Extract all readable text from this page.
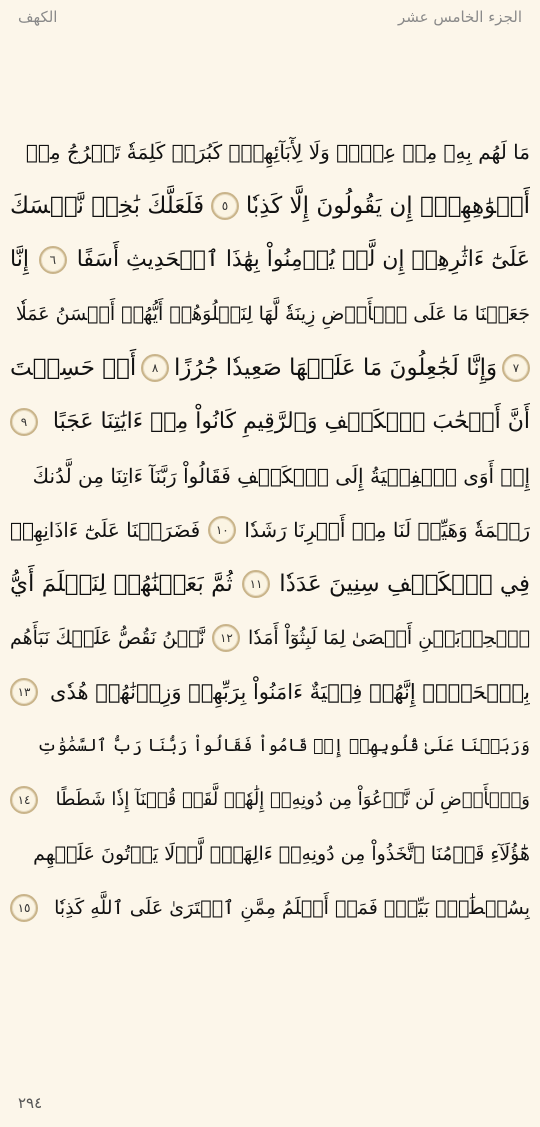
الكهف	الجزء الخامس عشر
مَا لَهُم بِهِۦ مِنۡ عِلۡمٖ وَلَا لِأٓبَآئِهِمۡۚ كَبُرَتۡ كَلِمَةٗ تَخۡرُجُ مِنۡ
أَفۡوَٰهِهِمۡۚ إِن يَقُولُونَ إِلَّا كَذِبٗا
٥
فَلَعَلَّكَ بَٰخِعٞ نَّفۡسَكَ
عَلَىٰٓ ءَاثَٰرِهِمۡ إِن لَّمۡ يُؤۡمِنُواْ بِهَٰذَا ٱلۡحَدِيثِ أَسَفًا
٦
إِنَّا
جَعَلۡنَا مَا عَلَى ٱلۡأَرۡضِ زِينَةٗ لَّهَا لِنَبۡلُوَهُمۡ أَيُّهُمۡ أَحۡسَنُ عَمَلٗا
٧
وَإِنَّا لَجَٰعِلُونَ مَا عَلَيۡهَا صَعِيدٗا جُرُزًا
٨
أَمۡ حَسِبۡتَ
أَنَّ أَصۡحَٰبَ ٱلۡكَهۡفِ وَٱلرَّقِيمِ كَانُواْ مِنۡ ءَايَٰتِنَا عَجَبًا
٩
إِذۡ أَوَى ٱلۡفِتۡيَةُ إِلَى ٱلۡكَهۡفِ فَقَالُواْ رَبَّنَآ ءَاتِنَا مِن لَّدُنكَ
رَحۡمَةٗ وَهَيِّئۡ لَنَا مِنۡ أَمۡرِنَا رَشَدٗا
١٠
فَضَرَبۡنَا عَلَىٰٓ ءَاذَانِهِمۡ
فِي ٱلۡكَهۡفِ سِنِينَ عَدَدٗا
١١
ثُمَّ بَعَثۡنَٰهُمۡ لِنَعۡلَمَ أَيُّ
ٱلۡحِزۡبَيۡنِ أَحۡصَىٰ لِمَا لَبِثُوٓاْ أَمَدٗا
١٢
نَّحۡنُ نَقُصُّ عَلَيۡكَ نَبَأَهُم
بِٱلۡحَقِّۚ إِنَّهُمۡ فِتۡيَةٌ ءَامَنُواْ بِرَبِّهِمۡ وَزِدۡنَٰهُمۡ هُدٗى
١٣
وَرَبَطۡنَا عَلَىٰ قُلُوبِهِمۡ إِذۡ قَامُواْ فَقَالُواْ رَبُّنَا رَبُّ ٱلسَّمَٰوَٰتِ
وَٱلۡأَرۡضِ لَن نَّدۡعُوَاْ مِن دُونِهِۦٓ إِلَٰهٗاۖ لَّقَدۡ قُلۡنَآ إِذٗا شَطَطًا
١٤
هَٰٓؤُلَآءِ قَوۡمُنَا ٱتَّخَذُواْ مِن دُونِهِۦٓ ءَالِهَةٗۖ لَّوۡلَا يَأۡتُونَ عَلَيۡهِم
بِسُلۡطَٰنِۭ بَيِّنٖۖ فَمَنۡ أَظۡلَمُ مِمَّنِ ٱفۡتَرَىٰ عَلَى ٱللَّهِ كَذِبٗا
١٥
٢٩٤
